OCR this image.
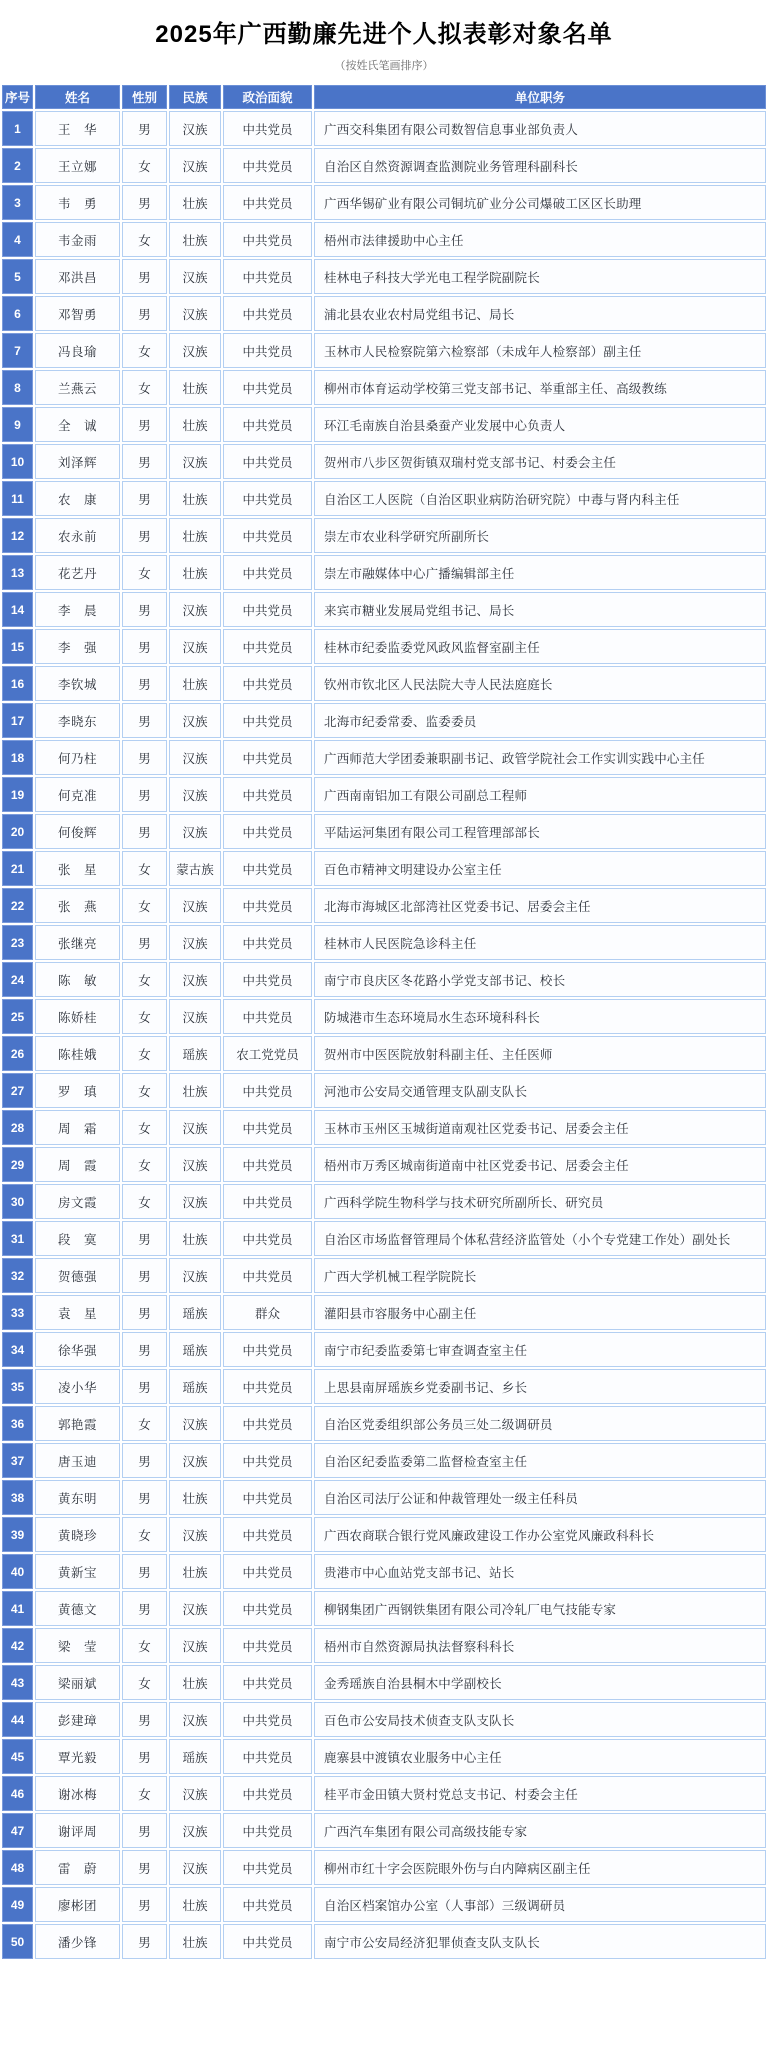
2025年广西勤廉先进个人拟表彰对象名单
（按姓氏笔画排序）
序号	姓名	性别	民族	政治面貌	单位职务
1	王　华	男	汉族	中共党员	广西交科集团有限公司数智信息事业部负责人
2	王立娜	女	汉族	中共党员	自治区自然资源调查监测院业务管理科副科长
3	韦　勇	男	壮族	中共党员	广西华锡矿业有限公司铜坑矿业分公司爆破工区区长助理
4	韦金雨	女	壮族	中共党员	梧州市法律援助中心主任
5	邓洪昌	男	汉族	中共党员	桂林电子科技大学光电工程学院副院长
6	邓智勇	男	汉族	中共党员	浦北县农业农村局党组书记、局长
7	冯良瑜	女	汉族	中共党员	玉林市人民检察院第六检察部（未成年人检察部）副主任
8	兰燕云	女	壮族	中共党员	柳州市体育运动学校第三党支部书记、举重部主任、高级教练
9	全　诚	男	壮族	中共党员	环江毛南族自治县桑蚕产业发展中心负责人
10	刘泽辉	男	汉族	中共党员	贺州市八步区贺街镇双瑞村党支部书记、村委会主任
11	农　康	男	壮族	中共党员	自治区工人医院（自治区职业病防治研究院）中毒与肾内科主任
12	农永前	男	壮族	中共党员	崇左市农业科学研究所副所长
13	花艺丹	女	壮族	中共党员	崇左市融媒体中心广播编辑部主任
14	李　晨	男	汉族	中共党员	来宾市糖业发展局党组书记、局长
15	李　强	男	汉族	中共党员	桂林市纪委监委党风政风监督室副主任
16	李钦城	男	壮族	中共党员	钦州市钦北区人民法院大寺人民法庭庭长
17	李晓东	男	汉族	中共党员	北海市纪委常委、监委委员
18	何乃柱	男	汉族	中共党员	广西师范大学团委兼职副书记、政管学院社会工作实训实践中心主任
19	何克准	男	汉族	中共党员	广西南南铝加工有限公司副总工程师
20	何俊辉	男	汉族	中共党员	平陆运河集团有限公司工程管理部部长
21	张　星	女	蒙古族	中共党员	百色市精神文明建设办公室主任
22	张　燕	女	汉族	中共党员	北海市海城区北部湾社区党委书记、居委会主任
23	张继亮	男	汉族	中共党员	桂林市人民医院急诊科主任
24	陈　敏	女	汉族	中共党员	南宁市良庆区冬花路小学党支部书记、校长
25	陈娇桂	女	汉族	中共党员	防城港市生态环境局水生态环境科科长
26	陈桂娥	女	瑶族	农工党党员	贺州市中医医院放射科副主任、主任医师
27	罗　瑱	女	壮族	中共党员	河池市公安局交通管理支队副支队长
28	周　霜	女	汉族	中共党员	玉林市玉州区玉城街道南观社区党委书记、居委会主任
29	周　霞	女	汉族	中共党员	梧州市万秀区城南街道南中社区党委书记、居委会主任
30	房文霞	女	汉族	中共党员	广西科学院生物科学与技术研究所副所长、研究员
31	段　寞	男	壮族	中共党员	自治区市场监督管理局个体私营经济监管处（小个专党建工作处）副处长
32	贺德强	男	汉族	中共党员	广西大学机械工程学院院长
33	袁　星	男	瑶族	群众	灌阳县市容服务中心副主任
34	徐华强	男	瑶族	中共党员	南宁市纪委监委第七审查调查室主任
35	凌小华	男	瑶族	中共党员	上思县南屏瑶族乡党委副书记、乡长
36	郭艳霞	女	汉族	中共党员	自治区党委组织部公务员三处二级调研员
37	唐玉迪	男	汉族	中共党员	自治区纪委监委第二监督检查室主任
38	黄东明	男	壮族	中共党员	自治区司法厅公证和仲裁管理处一级主任科员
39	黄晓珍	女	汉族	中共党员	广西农商联合银行党风廉政建设工作办公室党风廉政科科长
40	黄新宝	男	壮族	中共党员	贵港市中心血站党支部书记、站长
41	黄德文	男	汉族	中共党员	柳钢集团广西钢铁集团有限公司冷轧厂电气技能专家
42	梁　莹	女	汉族	中共党员	梧州市自然资源局执法督察科科长
43	梁丽斌	女	壮族	中共党员	金秀瑶族自治县桐木中学副校长
44	彭建璋	男	汉族	中共党员	百色市公安局技术侦查支队支队长
45	覃光毅	男	瑶族	中共党员	鹿寨县中渡镇农业服务中心主任
46	谢冰梅	女	汉族	中共党员	桂平市金田镇大贤村党总支书记、村委会主任
47	谢评周	男	汉族	中共党员	广西汽车集团有限公司高级技能专家
48	雷　蔚	男	汉族	中共党员	柳州市红十字会医院眼外伤与白内障病区副主任
49	廖彬团	男	壮族	中共党员	自治区档案馆办公室（人事部）三级调研员
50	潘少锋	男	壮族	中共党员	南宁市公安局经济犯罪侦查支队支队长
